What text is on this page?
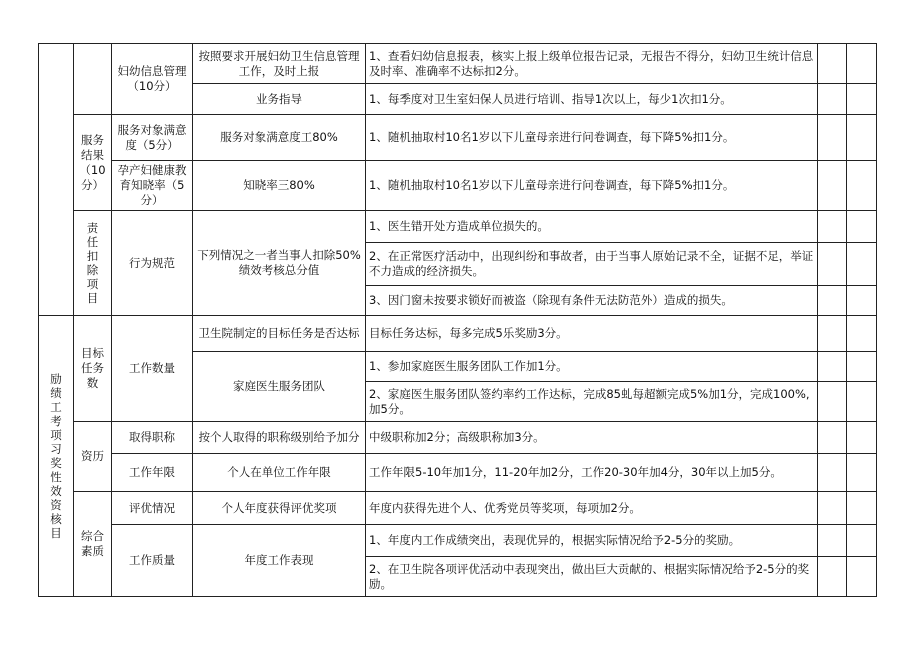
		妇幼信息管理（10分）	按照要求开展妇幼卫生信息管理工作，及时上报	1、查看妇幼信息报表，核实上报上级单位报告记录，无报告不得分，妇幼卫生统计信息及时率、准确率不达标扣2分。		
			业务指导	1、每季度对卫生室妇保人员进行培训、指导1次以上，每少1次扣1分。		
	服务结果（10分）	服务对象满意度（5分）	服务对象满意度工80%	1、随机抽取村10名1岁以下儿童母亲进行问卷调查，每下降5%扣1分。		
		孕产妇健康教育知晓率（5分）	知晓率三80%	1、随机抽取村10名1岁以下儿童母亲进行问卷调查，每下降5%扣1分。		

	责任扣除项目	行为规范	下列情况之一者当事人扣除50%绩效考核总分值	1、医生错开处方造成单位损失的。		
				2、在正常医疗活动中，出现纠纷和事故者，由于当事人原始记录不全，证据不足，举证不力造成的经济损失。		
				3、因门窗未按要求锁好而被盗（除现有条件无法防范外）造成的损失。		

励绩工考项习奖性效资核目	目标任务数	工作数量	卫生院制定的目标任务是否达标	目标任务达标，每多完成5乐奖励3分。		
			家庭医生服务团队	1、参加家庭医生服务团队工作加1分。		
				2、家庭医生服务团队签约率约工作达标，完成85虬每超额完成5%加1分，完成100%,加5分。		
	资历	取得职称	按个人取得的职称级别给予加分	中级职称加2分；高级职称加3分。		
		工作年限	个人在单位工作年限	工作年限5-10年加1分，11-20年加2分，工作20-30年加4分，30年以上加5分。		
	综合素质	评优情况	个人年度获得评优奖项	年度内获得先进个人、优秀党员等奖项，每项加2分。		
		工作质量	年度工作表现	1、年度内工作成绩突出，表现优异的，根据实际情况给予2-5分的奖励。		
				2、在卫生院各项评优活动中表现突出，做出巨大贡献的、根据实际情况给予2-5分的奖励。		
